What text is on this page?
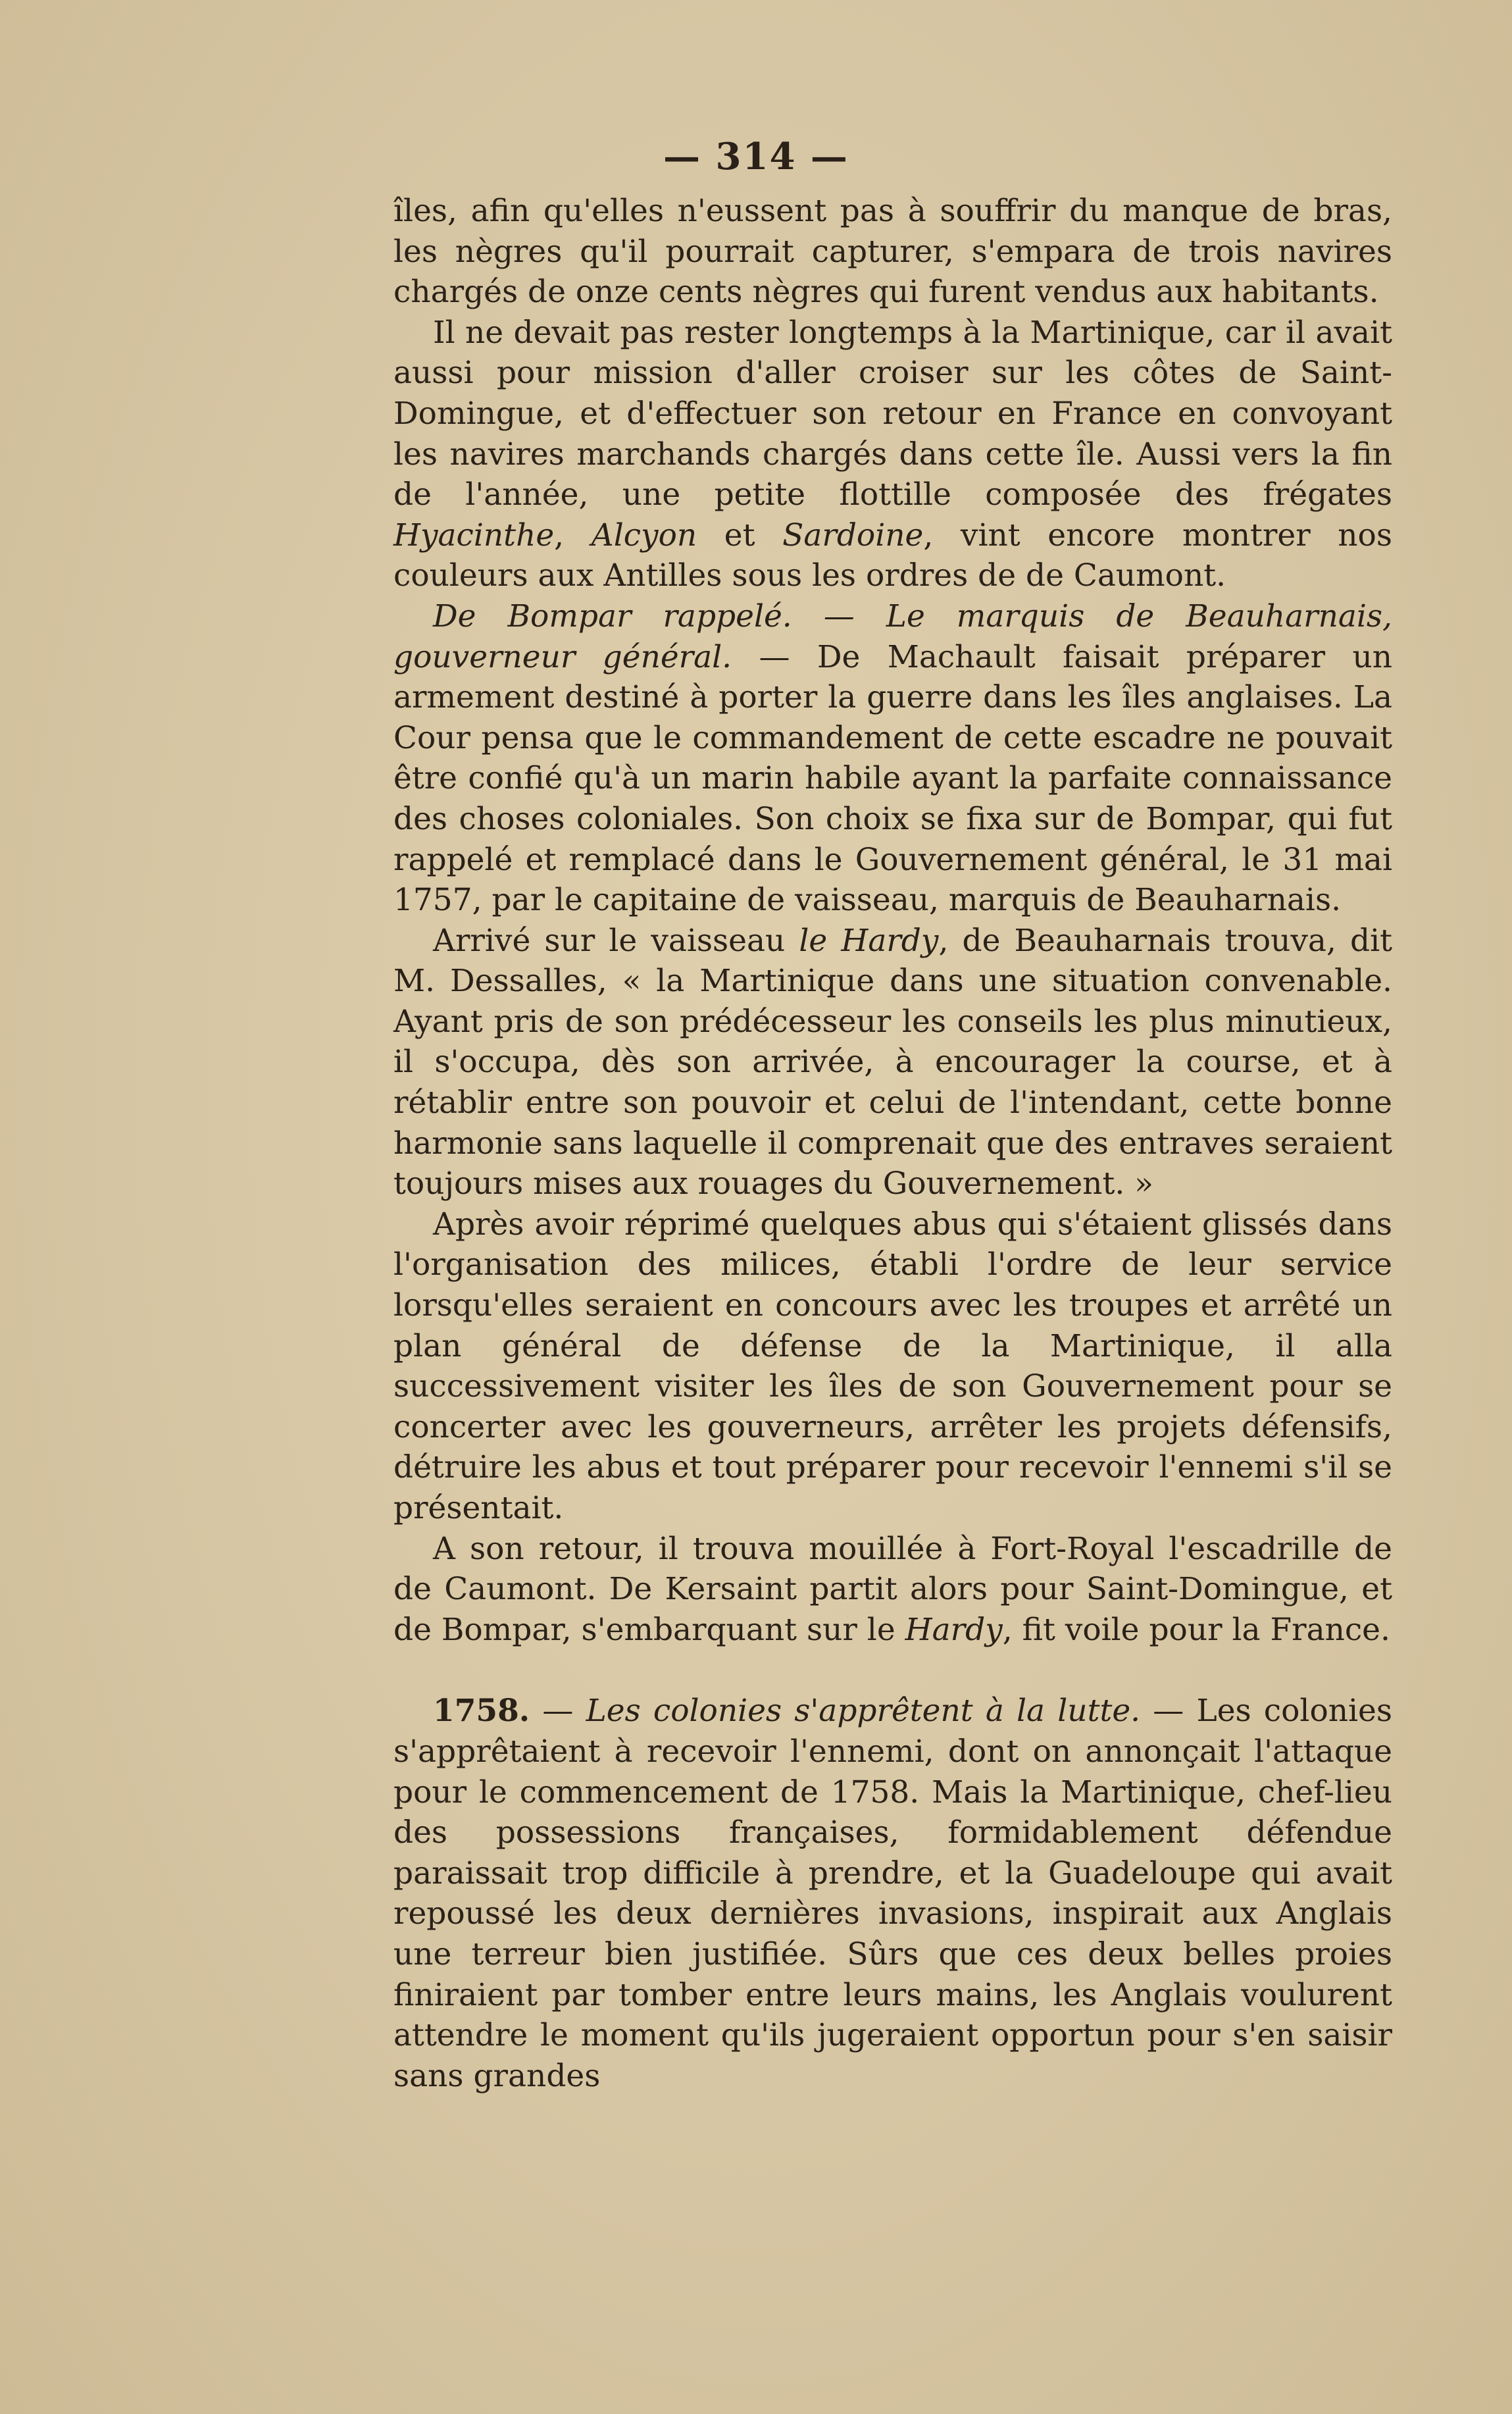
— 314 —

îles, afin qu'elles n'eussent pas à souffrir du manque de bras, les nègres qu'il pourrait capturer, s'empara de trois navires chargés de onze cents nègres qui furent vendus aux habitants.

Il ne devait pas rester longtemps à la Martinique, car il avait aussi pour mission d'aller croiser sur les côtes de Saint-Domingue, et d'effectuer son retour en France en convoyant les navires marchands chargés dans cette île. Aussi vers la fin de l'année, une petite flottille composée des frégates Hyacinthe, Alcyon et Sardoine, vint encore montrer nos couleurs aux Antilles sous les ordres de de Caumont.

De Bompar rappelé. — Le marquis de Beauharnais, gouverneur général. — De Machault faisait préparer un armement destiné à porter la guerre dans les îles anglaises. La Cour pensa que le commandement de cette escadre ne pouvait être confié qu'à un marin habile ayant la parfaite connaissance des choses coloniales. Son choix se fixa sur de Bompar, qui fut rappelé et remplacé dans le Gouvernement général, le 31 mai 1757, par le capitaine de vaisseau, marquis de Beauharnais.

Arrivé sur le vaisseau le Hardy, de Beauharnais trouva, dit M. Dessalles, « la Martinique dans une situation convenable. Ayant pris de son prédécesseur les conseils les plus minutieux, il s'occupa, dès son arrivée, à encourager la course, et à rétablir entre son pouvoir et celui de l'intendant, cette bonne harmonie sans laquelle il comprenait que des entraves seraient toujours mises aux rouages du Gouvernement. »

Après avoir réprimé quelques abus qui s'étaient glissés dans l'organisation des milices, établi l'ordre de leur service lorsqu'elles seraient en concours avec les troupes et arrêté un plan général de défense de la Martinique, il alla successivement visiter les îles de son Gouvernement pour se concerter avec les gouverneurs, arrêter les projets défensifs, détruire les abus et tout préparer pour recevoir l'ennemi s'il se présentait.

A son retour, il trouva mouillée à Fort-Royal l'escadrille de de Caumont. De Kersaint partit alors pour Saint-Domingue, et de Bompar, s'embarquant sur le Hardy, fit voile pour la France.

1758. — Les colonies s'apprêtent à la lutte. — Les colonies s'apprêtaient à recevoir l'ennemi, dont on annonçait l'attaque pour le commencement de 1758. Mais la Martinique, chef-lieu des possessions françaises, formidablement défendue paraissait trop difficile à prendre, et la Guadeloupe qui avait repoussé les deux dernières invasions, inspirait aux Anglais une terreur bien justifiée. Sûrs que ces deux belles proies finiraient par tomber entre leurs mains, les Anglais voulurent attendre le moment qu'ils jugeraient opportun pour s'en saisir sans grandes
